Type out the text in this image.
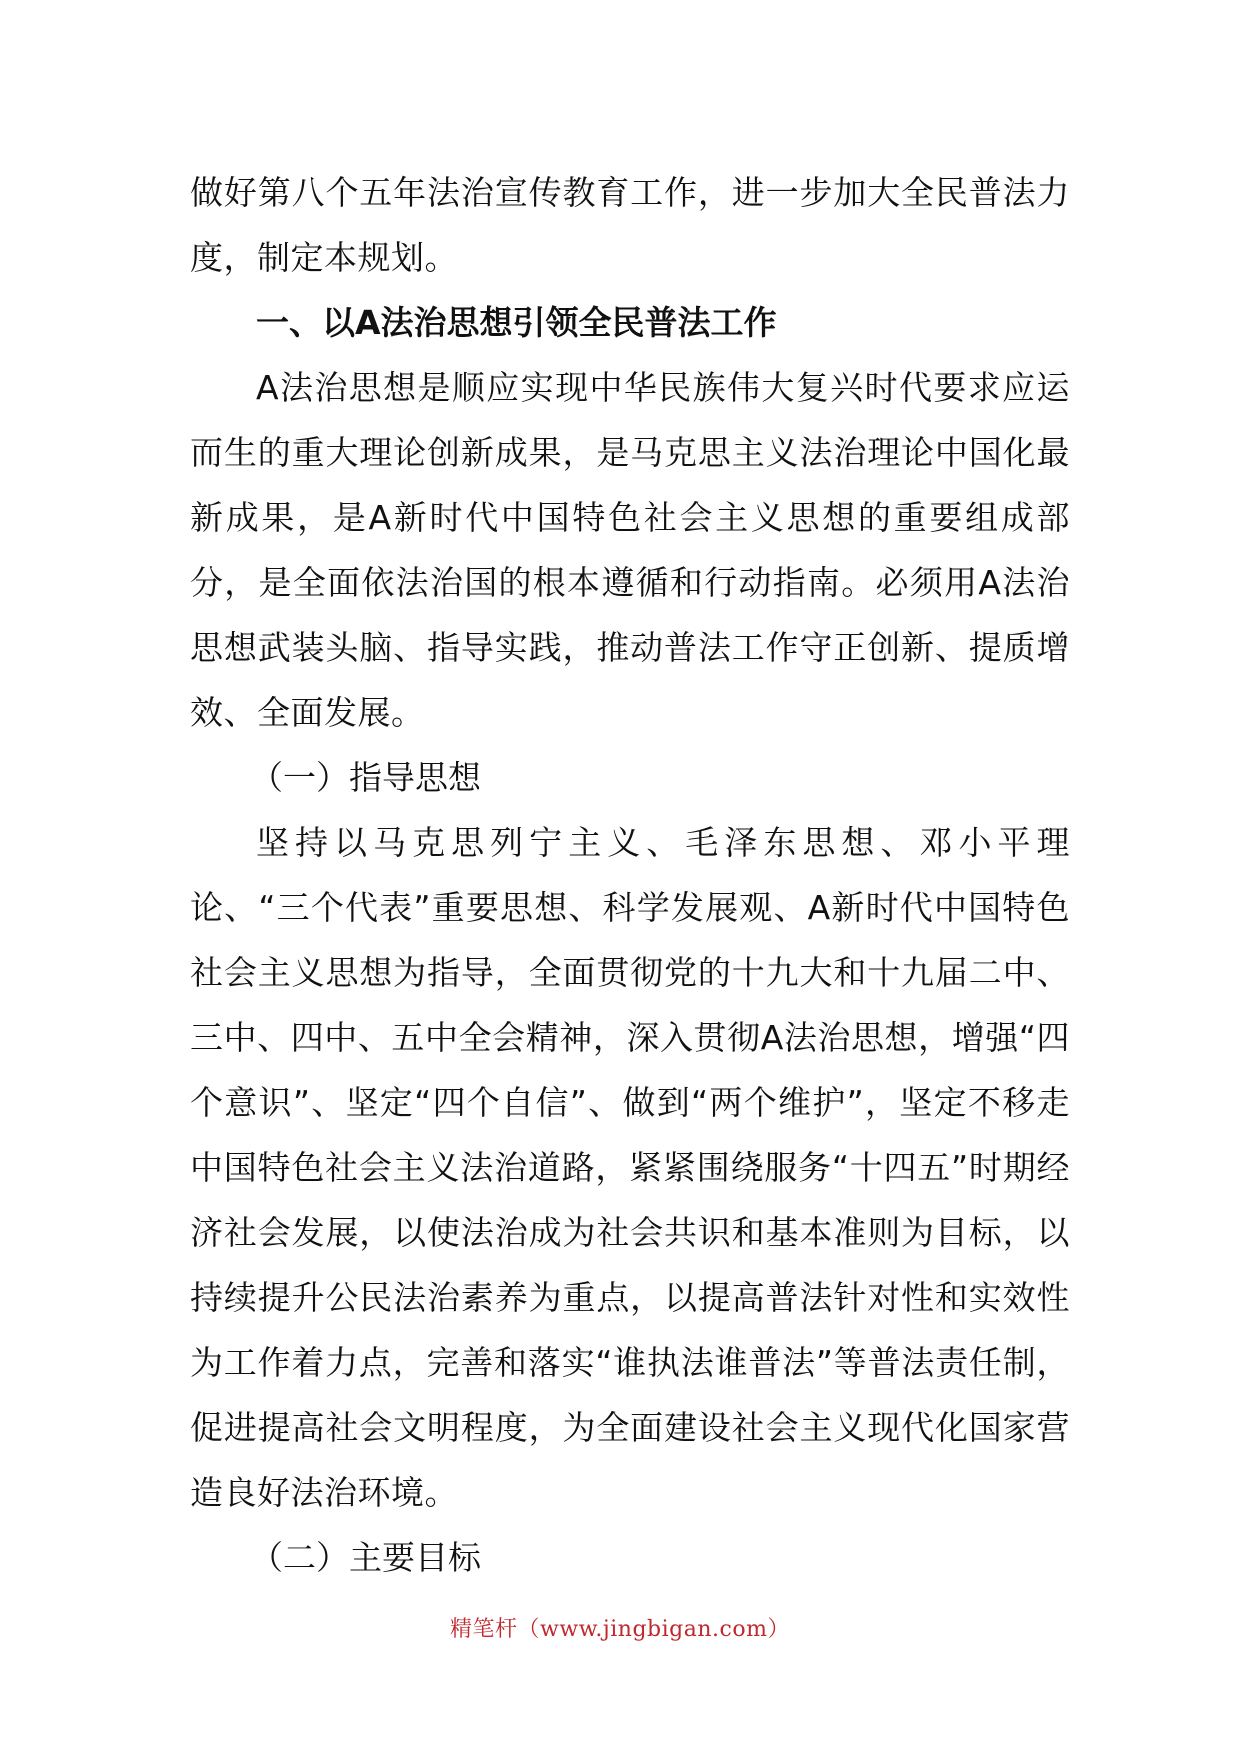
做好第八个五年法治宣传教育工作，进一步加大全民普法力度，制定本规划。

一、以A法治思想引领全民普法工作

A法治思想是顺应实现中华民族伟大复兴时代要求应运而生的重大理论创新成果，是马克思主义法治理论中国化最新成果，是A新时代中国特色社会主义思想的重要组成部分，是全面依法治国的根本遵循和行动指南。必须用A法治思想武装头脑、指导实践，推动普法工作守正创新、提质增效、全面发展。

（一）指导思想

坚持以马克思列宁主义、毛泽东思想、邓小平理论、“三个代表”重要思想、科学发展观、A新时代中国特色社会主义思想为指导，全面贯彻党的十九大和十九届二中、三中、四中、五中全会精神，深入贯彻A法治思想，增强“四个意识”、坚定“四个自信”、做到“两个维护”，坚定不移走中国特色社会主义法治道路，紧紧围绕服务“十四五”时期经济社会发展，以使法治成为社会共识和基本准则为目标，以持续提升公民法治素养为重点，以提高普法针对性和实效性为工作着力点，完善和落实“谁执法谁普法”等普法责任制，促进提高社会文明程度，为全面建设社会主义现代化国家营造良好法治环境。

（二）主要目标

精笔杆（www.jingbigan.com）
